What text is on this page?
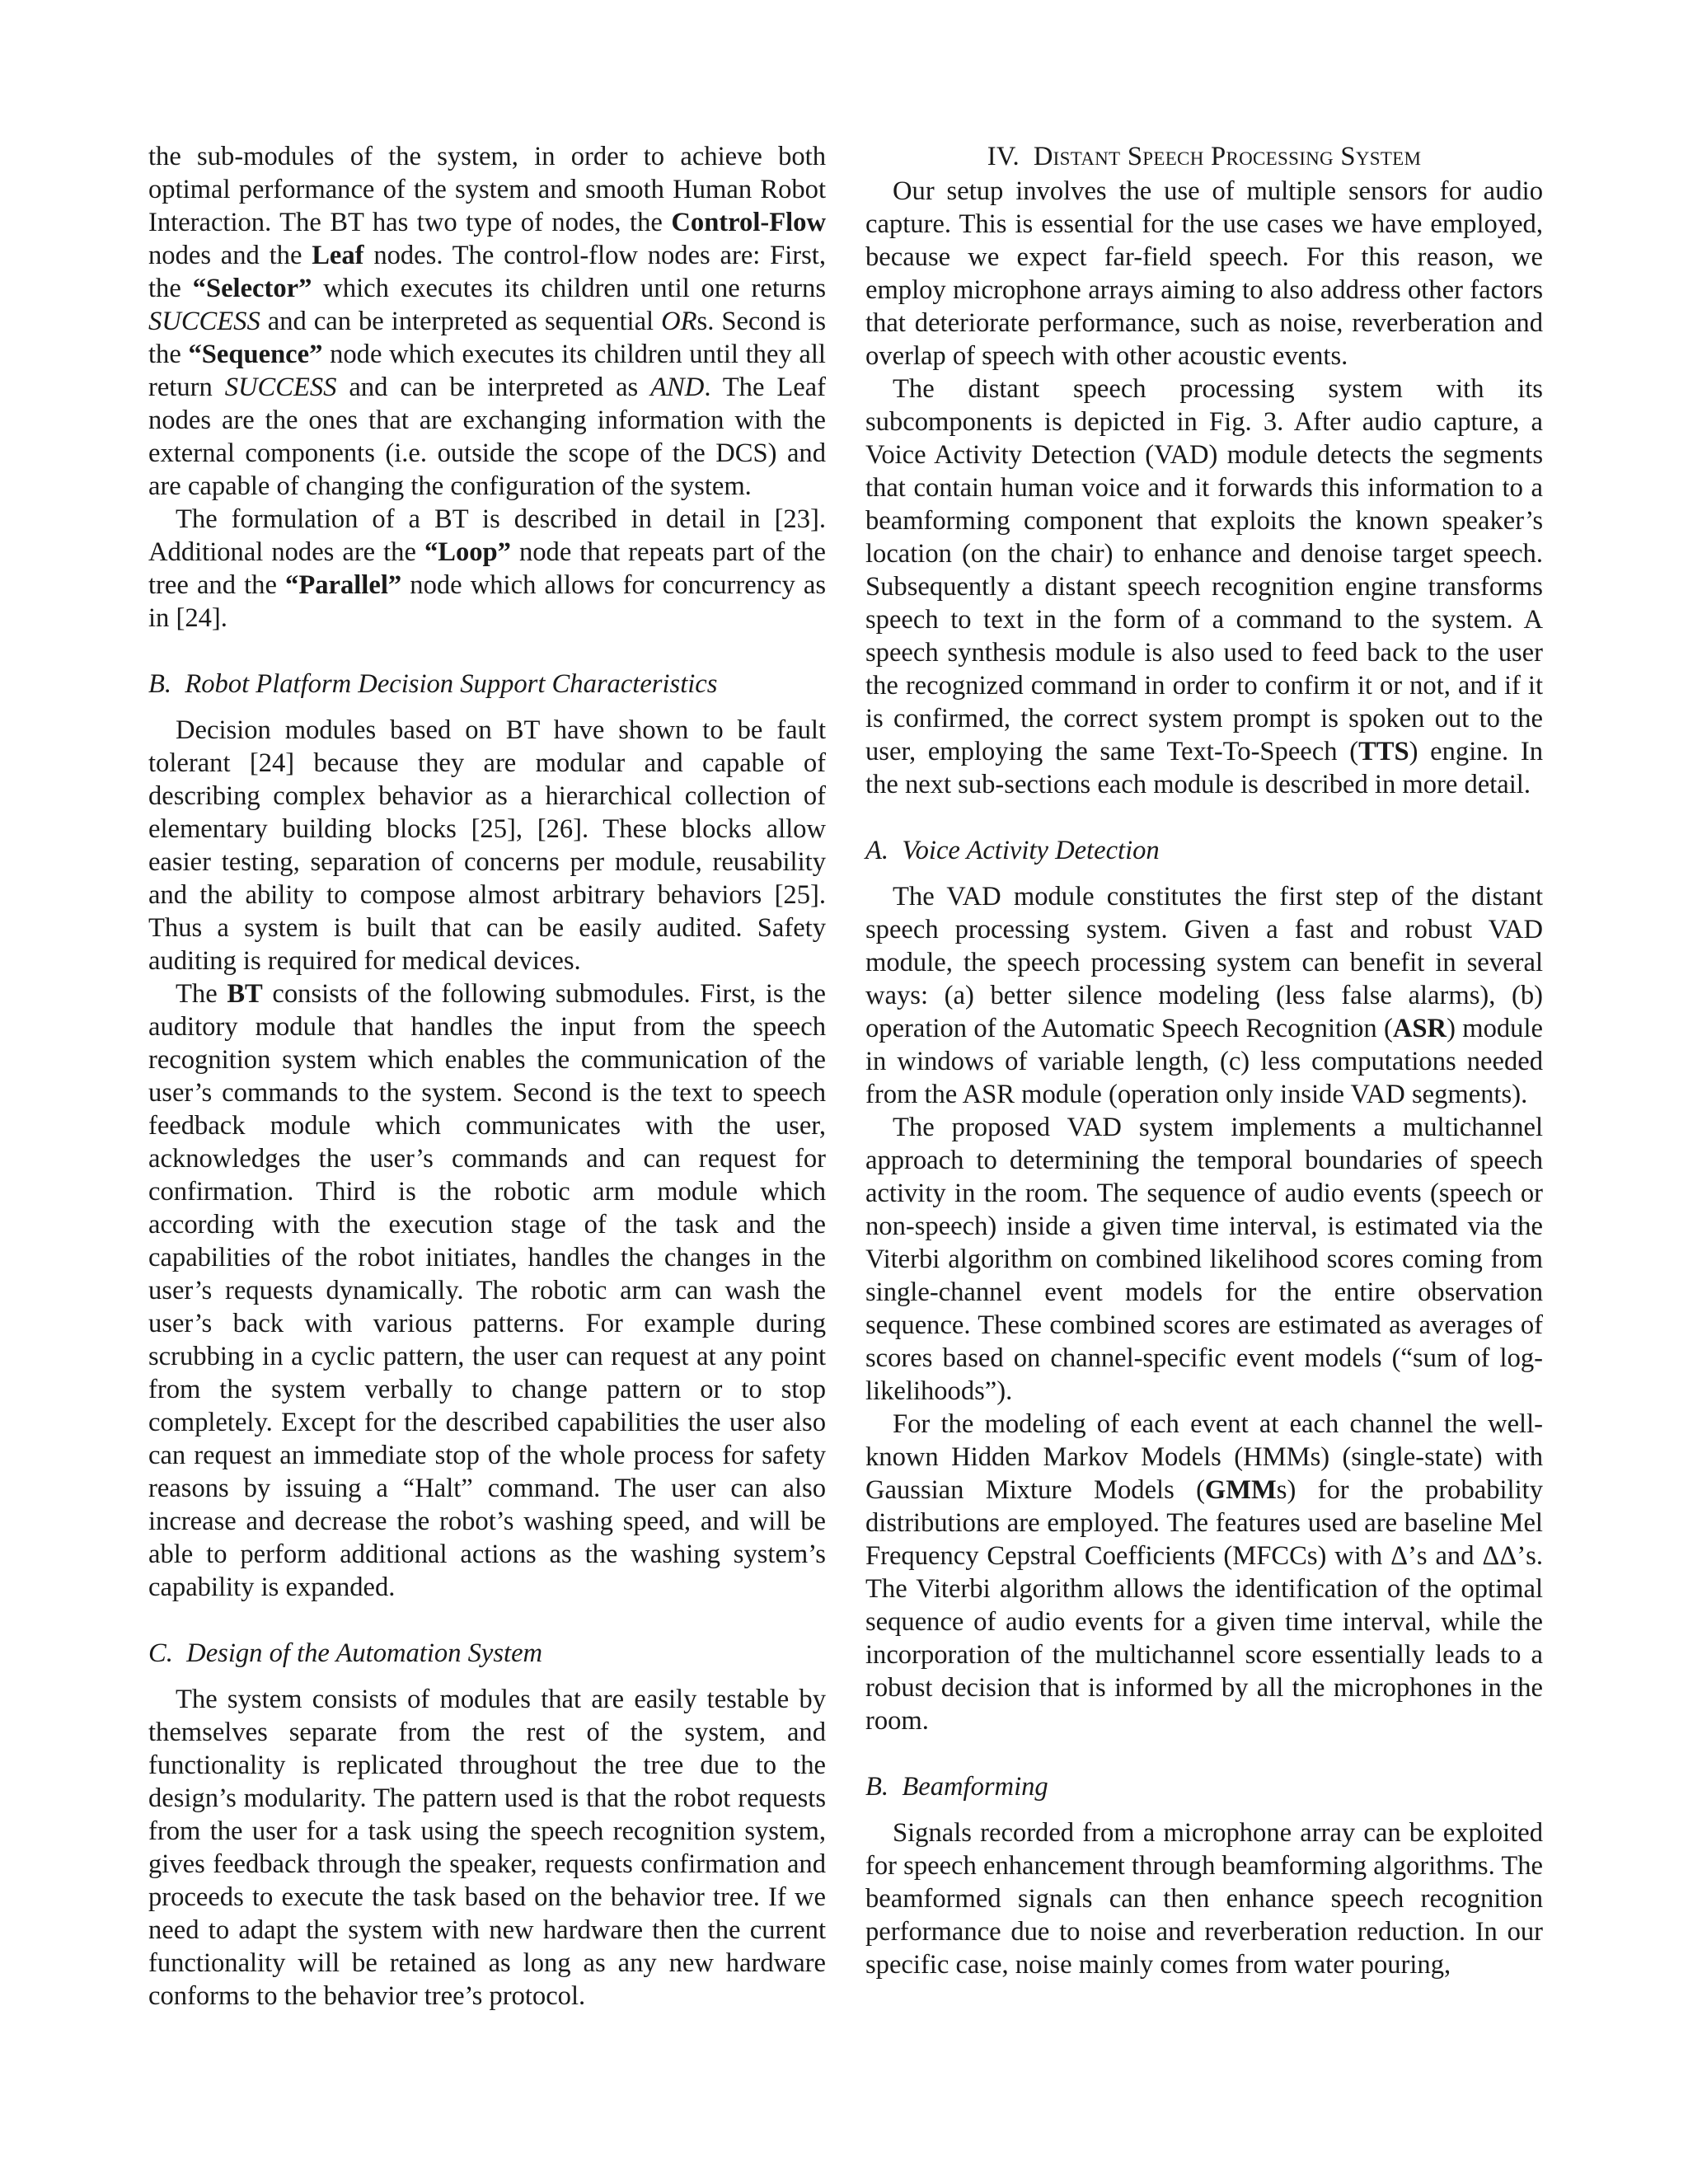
the sub-modules of the system, in order to achieve both optimal performance of the system and smooth Human Robot Interaction. The BT has two type of nodes, the Control-Flow nodes and the Leaf nodes. The control-flow nodes are: First, the “Selector” which executes its children until one returns SUCCESS and can be interpreted as sequential ORs. Second is the “Sequence” node which executes its children until they all return SUCCESS and can be interpreted as AND. The Leaf nodes are the ones that are exchanging information with the external components (i.e. outside the scope of the DCS) and are capable of changing the configuration of the system.

The formulation of a BT is described in detail in [23]. Additional nodes are the “Loop” node that repeats part of the tree and the “Parallel” node which allows for concurrency as in [24].

B. Robot Platform Decision Support Characteristics

Decision modules based on BT have shown to be fault tolerant [24] because they are modular and capable of describing complex behavior as a hierarchical collection of elementary building blocks [25], [26]. These blocks allow easier testing, separation of concerns per module, reusability and the ability to compose almost arbitrary behaviors [25]. Thus a system is built that can be easily audited. Safety auditing is required for medical devices.

The BT consists of the following submodules. First, is the auditory module that handles the input from the speech recognition system which enables the communication of the user’s commands to the system. Second is the text to speech feedback module which communicates with the user, acknowledges the user’s commands and can request for confirmation. Third is the robotic arm module which according with the execution stage of the task and the capabilities of the robot initiates, handles the changes in the user’s requests dynamically. The robotic arm can wash the user’s back with various patterns. For example during scrubbing in a cyclic pattern, the user can request at any point from the system verbally to change pattern or to stop completely. Except for the described capabilities the user also can request an immediate stop of the whole process for safety reasons by issuing a “Halt” command. The user can also increase and decrease the robot’s washing speed, and will be able to perform additional actions as the washing system’s capability is expanded.

C. Design of the Automation System

The system consists of modules that are easily testable by themselves separate from the rest of the system, and functionality is replicated throughout the tree due to the design’s modularity. The pattern used is that the robot requests from the user for a task using the speech recognition system, gives feedback through the speaker, requests confirmation and proceeds to execute the task based on the behavior tree. If we need to adapt the system with new hardware then the current functionality will be retained as long as any new hardware conforms to the behavior tree’s protocol.

IV. Distant Speech Processing System

Our setup involves the use of multiple sensors for audio capture. This is essential for the use cases we have employed, because we expect far-field speech. For this reason, we employ microphone arrays aiming to also address other factors that deteriorate performance, such as noise, reverberation and overlap of speech with other acoustic events.

The distant speech processing system with its subcomponents is depicted in Fig. 3. After audio capture, a Voice Activity Detection (VAD) module detects the segments that contain human voice and it forwards this information to a beamforming component that exploits the known speaker’s location (on the chair) to enhance and denoise target speech. Subsequently a distant speech recognition engine transforms speech to text in the form of a command to the system. A speech synthesis module is also used to feed back to the user the recognized command in order to confirm it or not, and if it is confirmed, the correct system prompt is spoken out to the user, employing the same Text-To-Speech (TTS) engine. In the next sub-sections each module is described in more detail.

A. Voice Activity Detection

The VAD module constitutes the first step of the distant speech processing system. Given a fast and robust VAD module, the speech processing system can benefit in several ways: (a) better silence modeling (less false alarms), (b) operation of the Automatic Speech Recognition (ASR) module in windows of variable length, (c) less computations needed from the ASR module (operation only inside VAD segments).

The proposed VAD system implements a multichannel approach to determining the temporal boundaries of speech activity in the room. The sequence of audio events (speech or non-speech) inside a given time interval, is estimated via the Viterbi algorithm on combined likelihood scores coming from single-channel event models for the entire observation sequence. These combined scores are estimated as averages of scores based on channel-specific event models (“sum of log-likelihoods”).

For the modeling of each event at each channel the well-known Hidden Markov Models (HMMs) (single-state) with Gaussian Mixture Models (GMMs) for the probability distributions are employed. The features used are baseline Mel Frequency Cepstral Coefficients (MFCCs) with Δ’s and ΔΔ’s. The Viterbi algorithm allows the identification of the optimal sequence of audio events for a given time interval, while the incorporation of the multichannel score essentially leads to a robust decision that is informed by all the microphones in the room.

B. Beamforming

Signals recorded from a microphone array can be exploited for speech enhancement through beamforming algorithms. The beamformed signals can then enhance speech recognition performance due to noise and reverberation reduction. In our specific case, noise mainly comes from water pouring,
